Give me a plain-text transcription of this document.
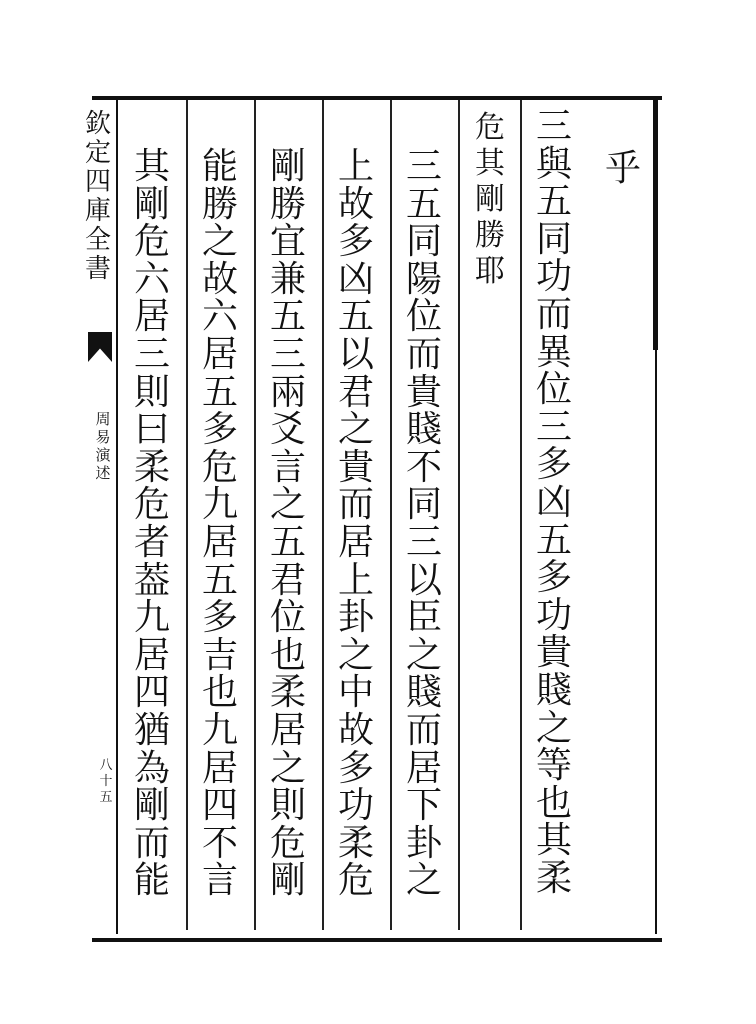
欽定四庫全書
周易演述
八十五
乎
三與五同功而異位三多凶五多功貴賤之等也其柔
危其剛勝耶
三五同陽位而貴賤不同三以臣之賤而居下卦之
上故多凶五以君之貴而居上卦之中故多功柔危
剛勝宜兼五三兩爻言之五君位也柔居之則危剛
能勝之故六居五多危九居五多吉也九居四不言
其剛危六居三則曰柔危者葢九居四猶為剛而能
